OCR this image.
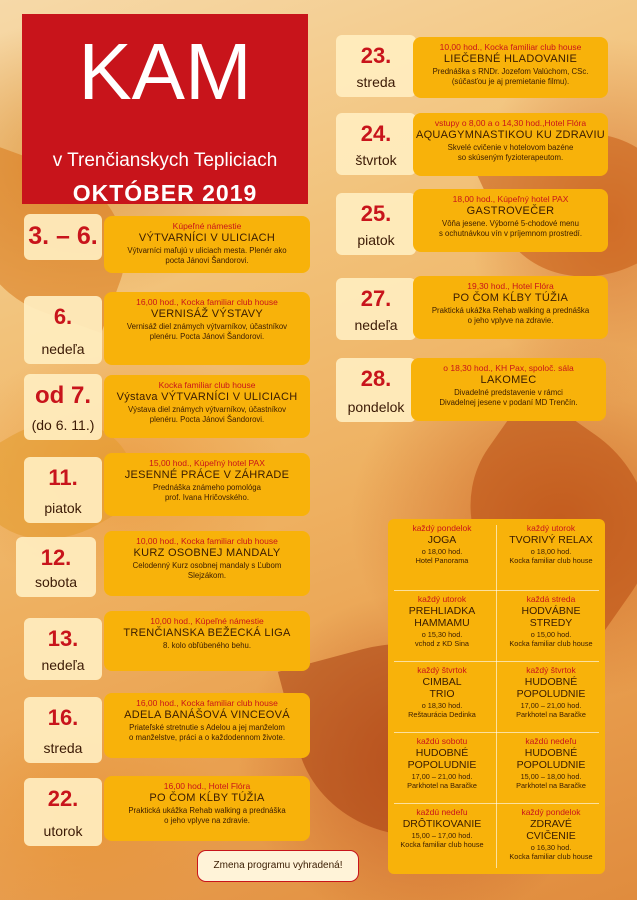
KAM
v Trenčianskych Tepliciach
OKTÓBER 2019
3. – 6.	Kúpeľné námestie
VÝTVARNÍCI V ULICIACH
Výtvarníci maľujú v uliciach mesta. Plenér ako
pocta Jánovi Šandorovi.
6.
nedeľa
16,00 hod., Kocka familiar club house
VERNISÁŽ VÝSTAVY
Vernisáž diel známych výtvarníkov, účastníkov
plenéru. Pocta Jánovi Šandorovi.
od 7.
(do 6. 11.)
Kocka familiar club house
Výstava VÝTVARNÍCI V ULICIACH
Výstava diel známych výtvarníkov, účastníkov
plenéru. Pocta Jánovi Šandorovi.
11.
piatok
15,00 hod., Kúpeľný hotel PAX
JESENNÉ PRÁCE V ZÁHRADE
Prednáška známeho pomológa
prof. Ivana Hričovského.
12.
sobota
10,00 hod., Kocka familiar club house
KURZ OSOBNEJ MANDALY
Celodenný Kurz osobnej mandaly s Ľubom
Slejzákom.
13.
nedeľa
10,00 hod., Kúpeľné námestie
TRENČIANSKA BEŽECKÁ LIGA
8. kolo obľúbeného behu.
16.
streda
16,00 hod., Kocka familiar club house
ADELA BANÁŠOVÁ VINCEOVÁ
Priateľské stretnutie s Adelou a jej manželom
o manželstve, práci a o každodennom živote.
22.
utorok
16,00 hod., Hotel Flóra
PO ČOM KĹBY TÚŽIA
Praktická ukážka Rehab walking a prednáška
o jeho vplyve na zdravie.
23.
streda
10,00 hod., Kocka familiar club house
LIEČEBNÉ HLADOVANIE
Prednáška s RNDr. Jozefom Valúchom, CSc.
(súčasťou je aj premietanie filmu).
24.
štvrtok
vstupy o 8,00 a o 14,30 hod.,Hotel Flóra
AQUAGYMNASTIKOU KU ZDRAVIU
Skvelé cvičenie v hotelovom bazéne
so skúseným fyzioterapeutom.
25.
piatok
18,00 hod., Kúpeľný hotel PAX
GASTROVEČER
Vôňa jesene. Výborné 5-chodové menu
s ochutnávkou vín v príjemnom prostredí.
27.
nedeľa
19,30 hod., Hotel Flóra
PO ČOM KĹBY TÚŽIA
Praktická ukážka Rehab walking a prednáška
o jeho vplyve na zdravie.
28.
pondelok
o 18,30 hod., KH Pax, spoloč. sála
LAKOMEC
Divadelné predstavenie v rámci
Divadelnej jesene v podaní MD Trenčín.
každý pondelok
JOGA
o 18,00 hod.
Hotel Panorama
každý utorok
TVORIVÝ RELAX
o 18,00 hod.
Kocka familiar club house
každý utorok
PREHLIADKA
HAMMAMU
o 15,30 hod.
vchod z KD Sina
každá streda
HODVÁBNE
STREDY
o 15,00 hod.
Kocka familiar club house
každý štvrtok
CIMBAL
TRIO
o 18,30 hod.
Reštaurácia Dedinka
každý štvrtok
HUDOBNÉ
POPOLUDNIE
17,00 – 21,00 hod.
Parkhotel na Baračke
každú sobotu
HUDOBNÉ
POPOLUDNIE
17,00 – 21,00 hod.
Parkhotel na Baračke
každú nedeľu
HUDOBNÉ
POPOLUDNIE
15,00 – 18,00 hod.
Parkhotel na Baračke
každú nedeľu
DRÔTIKOVANIE
15,00 – 17,00 hod.
Kocka familiar club house
každý pondelok
ZDRAVÉ
CVIČENIE
o 16,30 hod.
Kocka familiar club house
Zmena programu vyhradená!
